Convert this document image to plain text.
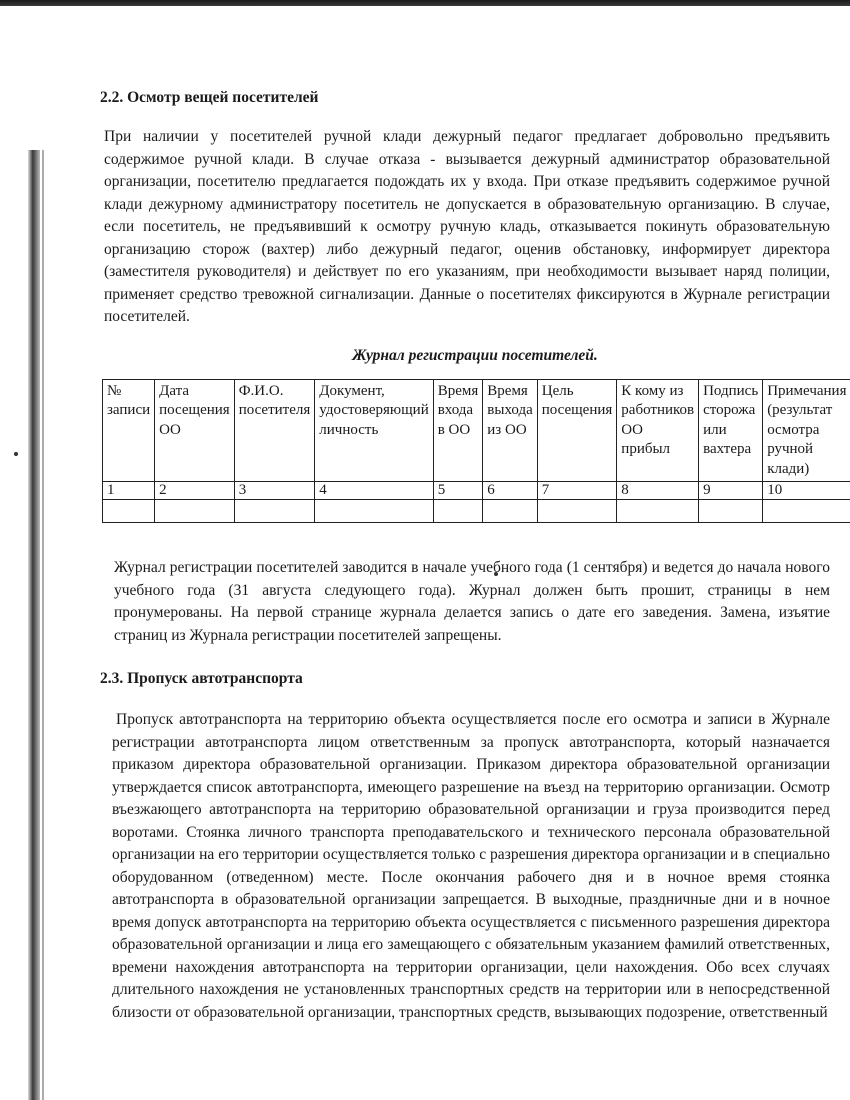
2.2. Осмотр вещей посетителей

При наличии у посетителей ручной клади дежурный педагог предлагает добровольно предъявить содержимое ручной клади. В случае отказа - вызывается дежурный администратор образовательной организации, посетителю предлагается подождать их у входа. При отказе предъявить содержимое ручной клади дежурному администратору посетитель не допускается в образовательную организацию. В случае, если посетитель, не предъявивший к осмотру ручную кладь, отказывается покинуть образовательную организацию сторож (вахтер) либо дежурный педагог, оценив обстановку, информирует директора (заместителя руководителя) и действует по его указаниям, при необходимости вызывает наряд полиции, применяет средство тревожной сигнализации. Данные о посетителях фиксируются в Журнале регистрации посетителей.

Журнал регистрации посетителей.
№ записи	Дата посещения ОО	Ф.И.О. посетителя	Документ, удостоверяющий личность	Время входа в ОО	Время выхода из ОО	Цель посещения	К кому из работников ОО прибыл	Подпись сторожа или вахтера	Примечания (результат осмотра ручной клади)
1	2	3	4	5	6	7	8	9	10

Журнал регистрации посетителей заводится в начале учебного года (1 сентября) и ведется до начала нового учебного года (31 августа следующего года). Журнал должен быть прошит, страницы в нем пронумерованы. На первой странице журнала делается запись о дате его заведения. Замена, изъятие страниц из Журнала регистрации посетителей запрещены.

2.3. Пропуск автотранспорта

Пропуск автотранспорта на территорию объекта осуществляется после его осмотра и записи в Журнале регистрации автотранспорта лицом ответственным за пропуск автотранспорта, который назначается приказом директора образовательной организации. Приказом директора образовательной организации утверждается список автотранспорта, имеющего разрешение на въезд на территорию организации. Осмотр въезжающего автотранспорта на территорию образовательной организации и груза производится перед воротами. Стоянка личного транспорта преподавательского и технического персонала образовательной организации на его территории осуществляется только с разрешения директора организации и в специально оборудованном (отведенном) месте. После окончания рабочего дня и в ночное время стоянка автотранспорта в образовательной организации запрещается. В выходные, праздничные дни и в ночное время допуск автотранспорта на территорию объекта осуществляется с письменного разрешения директора образовательной организации и лица его замещающего с обязательным указанием фамилий ответственных, времени нахождения автотранспорта на территории организации, цели нахождения. Обо всех случаях длительного нахождения не установленных транспортных средств на территории или в непосредственной близости от образовательной организации, транспортных средств, вызывающих подозрение, ответственный
